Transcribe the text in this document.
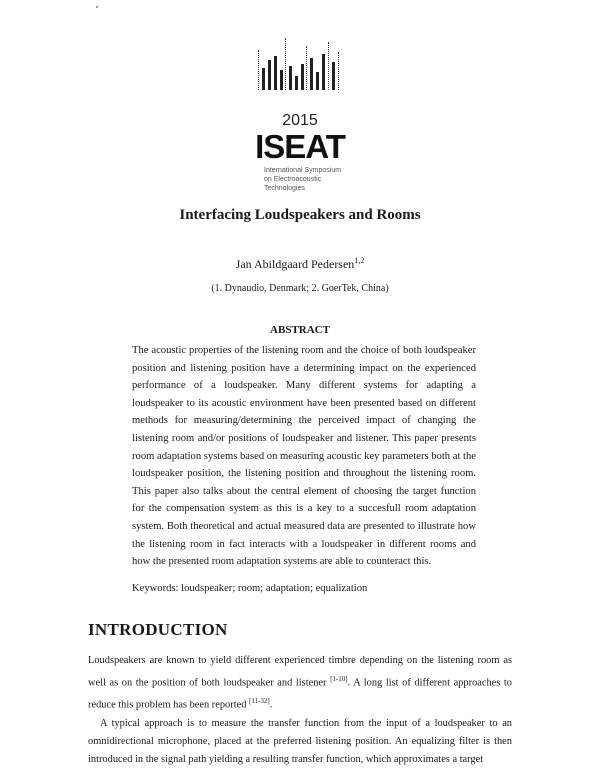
2015
ISEAT
International Symposium
on Electroacoustic
Technologies
Interfacing Loudspeakers and Rooms
Jan Abildgaard Pedersen$^{1,2}$
(1. Dynaudio, Denmark; 2. GoerTek, China)
ABSTRACT

The acoustic properties of the listening room and the choice of both loudspeaker position and listening position have a determining impact on the experienced performance of a loudspeaker. Many different systems for adapting a loudspeaker to its acoustic environment have been presented based on different methods for measuring/determining the perceived impact of changing the listening room and/or positions of loudspeaker and listener. This paper presents room adaptation systems based on measuring acoustic key parameters both at the loudspeaker position, the listening position and throughout the listening room. This paper also talks about the central element of choosing the target function for the compensation system as this is a key to a succesfull room adaptation system. Both theoretical and actual measured data are presented to illustrate how the listening room in fact interacts with a loudspeaker in different rooms and how the presented room adaptation systems are able to counteract this.

Keywords: loudspeaker; room; adaptation; equalization
INTRODUCTION

Loudspeakers are known to yield different experienced timbre depending on the listening room as well as on the position of both loudspeaker and listener [1-10]. A long list of different approaches to reduce this problem has been reported [11-32].

A typical approach is to measure the transfer function from the input of a loudspeaker to an omnidirectional microphone, placed at the preferred listening position. An equalizing filter is then introduced in the signal path yielding a resulting transfer function, which approximates a target
